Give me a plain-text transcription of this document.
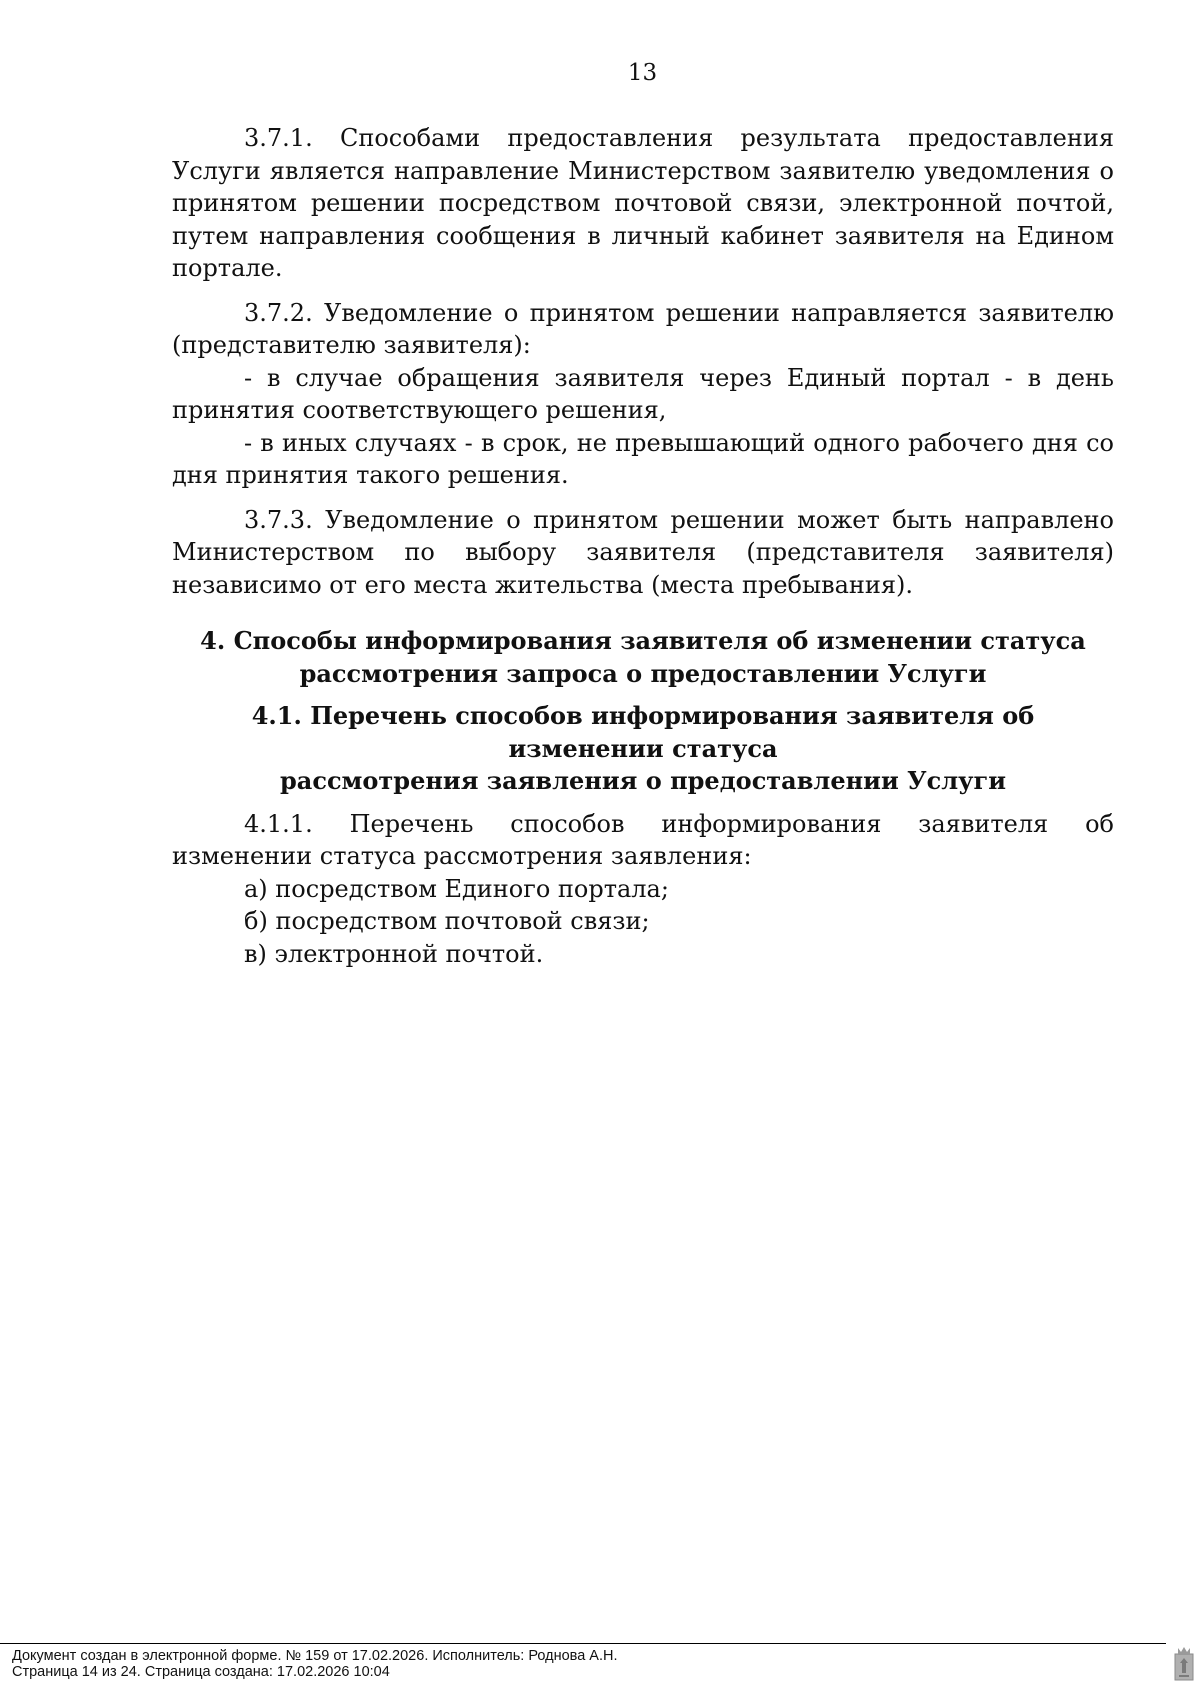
13

3.7.1. Способами предоставления результата предоставления Услуги является направление Министерством заявителю уведомления о принятом решении посредством почтовой связи, электронной почтой, путем направления сообщения в личный кабинет заявителя на Едином портале.

3.7.2. Уведомление о принятом решении направляется заявителю (представителю заявителя):

- в случае обращения заявителя через Единый портал - в день принятия соответствующего решения,

- в иных случаях - в срок, не превышающий одного рабочего дня со дня принятия такого решения.

3.7.3. Уведомление о принятом решении может быть направлено Министерством по выбору заявителя (представителя заявителя) независимо от его места жительства (места пребывания).

4. Способы информирования заявителя об изменении статуса
рассмотрения запроса о предоставлении Услуги
4.1. Перечень способов информирования заявителя об изменении статуса
рассмотрения заявления о предоставлении Услуги

4.1.1. Перечень способов информирования заявителя об изменении статуса рассмотрения заявления:

а) посредством Единого портала;

б) посредством почтовой связи;

в) электронной почтой.

Документ создан в электронной форме. № 159 от 17.02.2026. Исполнитель: Роднова А.Н.
Страница 14 из 24. Страница создана: 17.02.2026 10:04
